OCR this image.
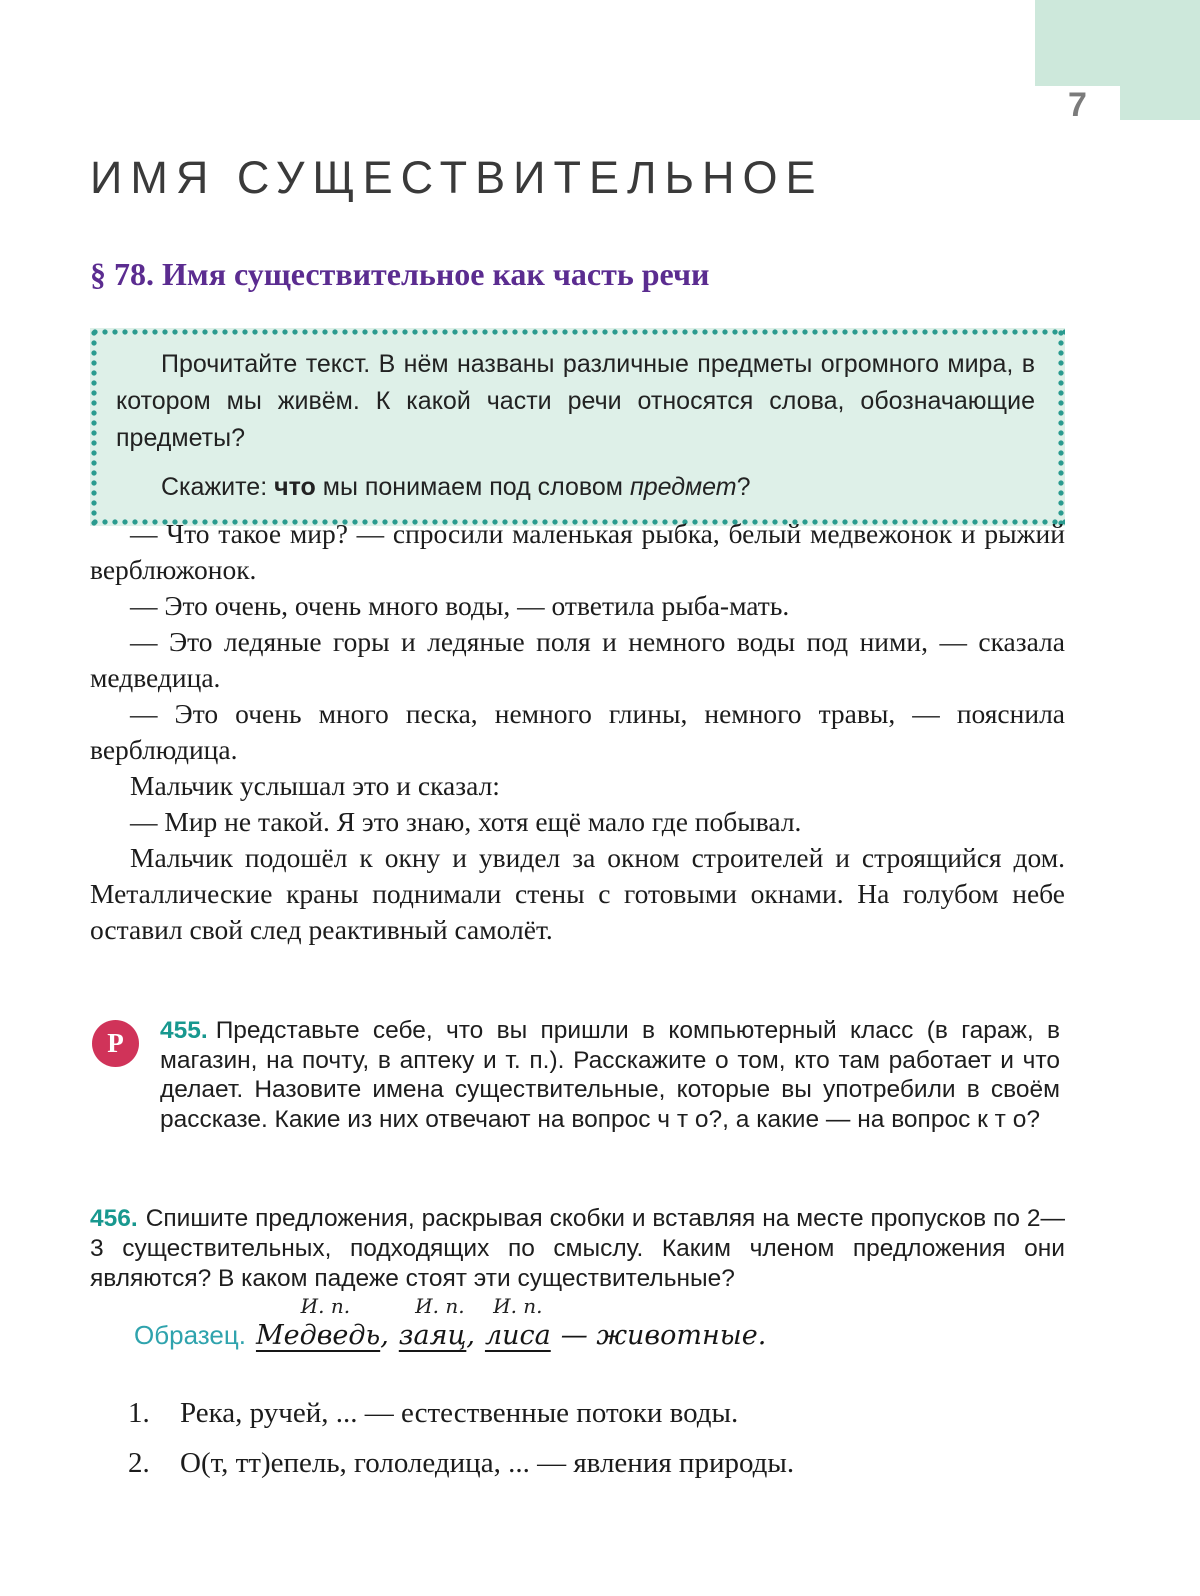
7
ИМЯ СУЩЕСТВИТЕЛЬНОЕ
§ 78. Имя существительное как часть речи

Прочитайте текст. В нём названы различные предметы огромного мира, в котором мы живём. К какой части речи относятся слова, обозначающие предметы?

Скажите: что мы понимаем под словом предмет?

— Что такое мир? — спросили маленькая рыбка, белый медвежонок и рыжий верблюжонок.

— Это очень, очень много воды, — ответила рыба-мать.

— Это ледяные горы и ледяные поля и немного воды под ними, — сказала медведица.

— Это очень много песка, немного глины, немного травы, — пояснила верблюдица.

Мальчик услышал это и сказал:

— Мир не такой. Я это знаю, хотя ещё мало где побывал.

Мальчик подошёл к окну и увидел за окном строителей и строящийся дом. Металлические краны поднимали стены с готовыми окнами. На голубом небе оставил свой след реактивный самолёт.

Р	455. Представьте себе, что вы пришли в компьютерный класс (в гараж, в магазин, на почту, в аптеку и т. п.). Расскажите о том, кто там работает и что делает. Назовите имена существительные, которые вы употребили в своём рассказе. Какие из них отвечают на вопрос ч т о?, а какие — на вопрос к т о?

456. Спишите предложения, раскрывая скобки и вставляя на месте пропусков по 2—3 существительных, подходящих по смыслу. Каким членом предложения они являются? В каком падеже стоят эти существительные?

Образец.
И. п.
Медведь,
И. п.
заяц,
И. п.
лиса — животные.
1.	Река, ручей, ... — естественные потоки воды.
2.	О(т, тт)епель, гололедица, ... — явления природы.
